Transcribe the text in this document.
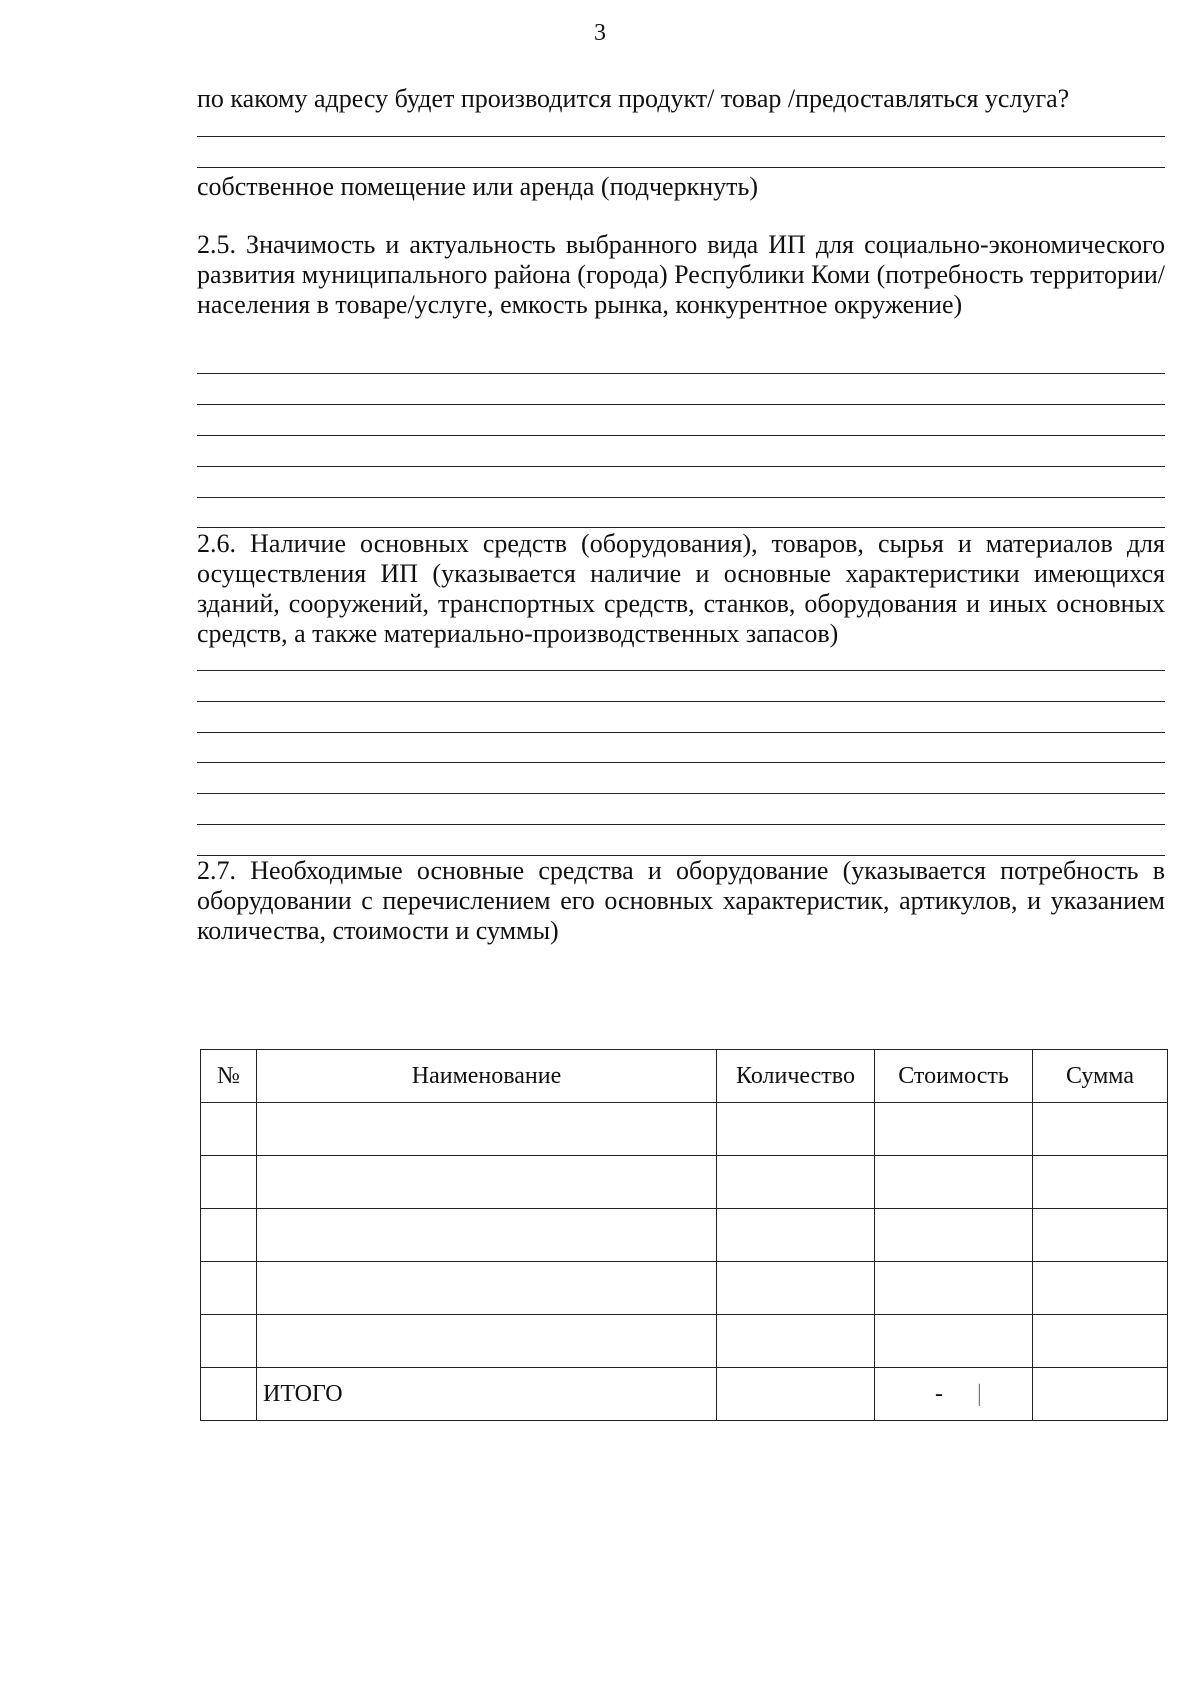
3

по какому адресу будет производится продукт/ товар /предоставляться услуга?

собственное помещение или аренда (подчеркнуть)

2.5. Значимость и актуальность выбранного вида ИП для социально-экономического развития муниципального района (города) Республики Коми (потребность территории/населения в товаре/услуге, емкость рынка, конкурентное окружение)

2.6. Наличие основных средств (оборудования), товаров, сырья и материалов для осуществления ИП (указывается наличие и основные характеристики имеющихся зданий, сооружений, транспортных средств, станков, оборудования и иных основных средств, а также материально-производственных запасов)

2.7. Необходимые основные средства и оборудование (указывается потребность в оборудовании с перечислением его основных характеристик, артикулов, и указанием количества, стоимости и суммы)

№	Наименование	Количество	Стоимость	Сумма

	ИТОГО		- |	
